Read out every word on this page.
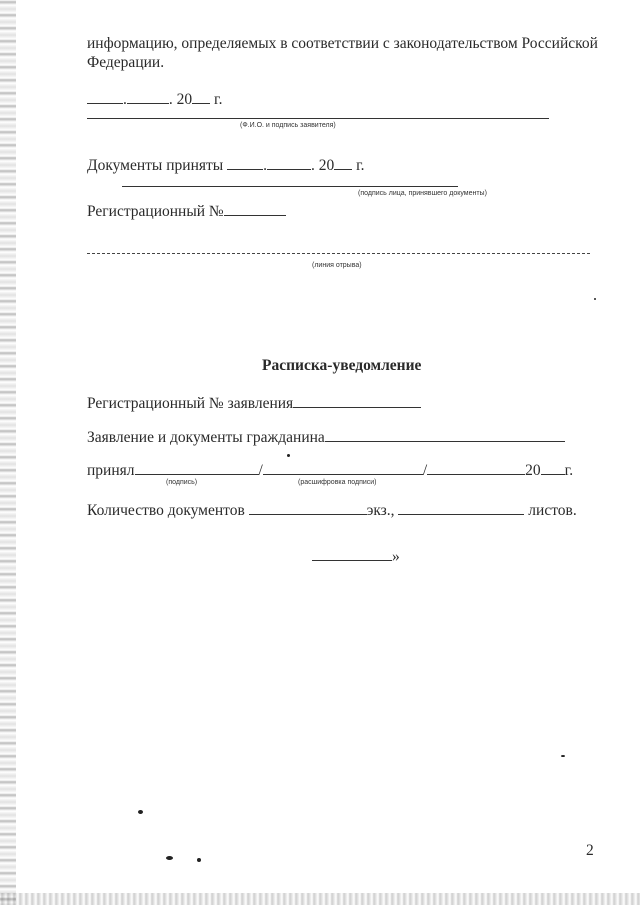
информацию, определяемых в соответствии с законодательством Российской
Федерации.
.	. 20 г.
(Ф.И.О. и подпись заявителя)
Документы приняты	.	. 20 г.
(подпись лица, принявшего документы)
Регистрационный №
(линия отрыва)
Расписка-уведомление
Регистрационный № заявления
Заявление и документы гражданина
принял	/	/	20 г.
(подпись)	(расшифровка подписи)
Количество документов	экз.,	листов.
»
2
